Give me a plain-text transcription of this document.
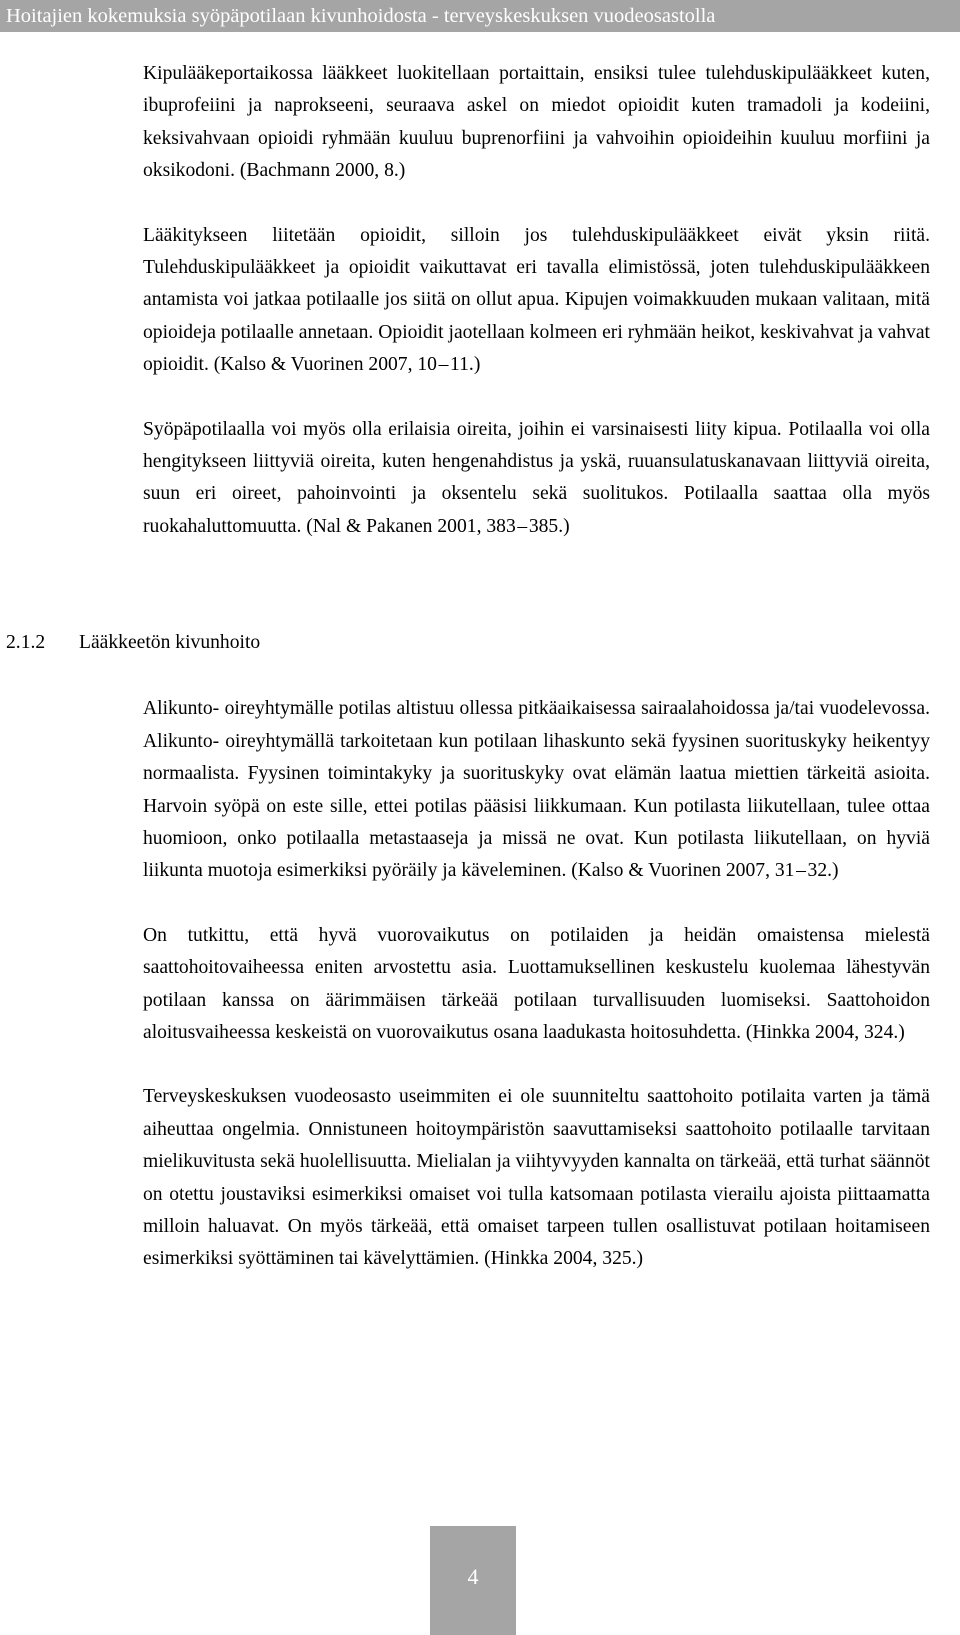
Hoitajien kokemuksia syöpäpotilaan kivunhoidosta - terveyskeskuksen vuodeosastolla

Kipulääkeportaikossa lääkkeet luokitellaan portaittain, ensiksi tulee tulehduskipulääkkeet kuten, ibuprofeiini ja naprokseeni, seuraava askel on miedot opioidit kuten tramadoli ja kodeiini, keksivahvaan opioidi ryhmään kuuluu buprenorfiini ja vahvoihin opioideihin kuuluu morfiini ja oksikodoni. (Bachmann 2000, 8.)

Lääkitykseen liitetään opioidit, silloin jos tulehduskipulääkkeet eivät yksin riitä. Tulehduskipulääkkeet ja opioidit vaikuttavat eri tavalla elimistössä, joten tulehduskipulääkkeen antamista voi jatkaa potilaalle jos siitä on ollut apua. Kipujen voimakkuuden mukaan valitaan, mitä opioideja potilaalle annetaan. Opioidit jaotellaan kolmeen eri ryhmään heikot, keskivahvat ja vahvat opioidit. (Kalso & Vuorinen 2007, 10 – 11.)

Syöpäpotilaalla voi myös olla erilaisia oireita, joihin ei varsinaisesti liity kipua. Potilaalla voi olla hengitykseen liittyviä oireita, kuten hengenahdistus ja yskä, ruuansulatuskanavaan liittyviä oireita, suun eri oireet, pahoinvointi ja oksentelu sekä suolitukos. Potilaalla saattaa olla myös ruokahaluttomuutta. (Nal & Pakanen 2001, 383 – 385.)

2.1.2 Lääkkeetön kivunhoito

Alikunto- oireyhtymälle potilas altistuu ollessa pitkäaikaisessa sairaalahoidossa ja/tai vuodelevossa. Alikunto- oireyhtymällä tarkoitetaan kun potilaan lihaskunto sekä fyysinen suorituskyky heikentyy normaalista. Fyysinen toimintakyky ja suorituskyky ovat elämän laatua miettien tärkeitä asioita. Harvoin syöpä on este sille, ettei potilas pääsisi liikkumaan. Kun potilasta liikutellaan, tulee ottaa huomioon, onko potilaalla metastaaseja ja missä ne ovat. Kun potilasta liikutellaan, on hyviä liikunta muotoja esimerkiksi pyöräily ja käveleminen. (Kalso & Vuorinen 2007, 31 – 32.)

On tutkittu, että hyvä vuorovaikutus on potilaiden ja heidän omaistensa mielestä saattohoitovaiheessa eniten arvostettu asia. Luottamuksellinen keskustelu kuolemaa lähestyvän potilaan kanssa on äärimmäisen tärkeää potilaan turvallisuuden luomiseksi. Saattohoidon aloitusvaiheessa keskeistä on vuorovaikutus osana laadukasta hoitosuhdetta. (Hinkka 2004, 324.)

Terveyskeskuksen vuodeosasto useimmiten ei ole suunniteltu saattohoito potilaita varten ja tämä aiheuttaa ongelmia. Onnistuneen hoitoympäristön saavuttamiseksi saattohoito potilaalle tarvitaan mielikuvitusta sekä huolellisuutta. Mielialan ja viihtyvyyden kannalta on tärkeää, että turhat säännöt on otettu joustaviksi esimerkiksi omaiset voi tulla katsomaan potilasta vierailu ajoista piittaamatta milloin haluavat. On myös tärkeää, että omaiset tarpeen tullen osallistuvat potilaan hoitamiseen esimerkiksi syöttäminen tai kävelyttämien. (Hinkka 2004, 325.)

4
